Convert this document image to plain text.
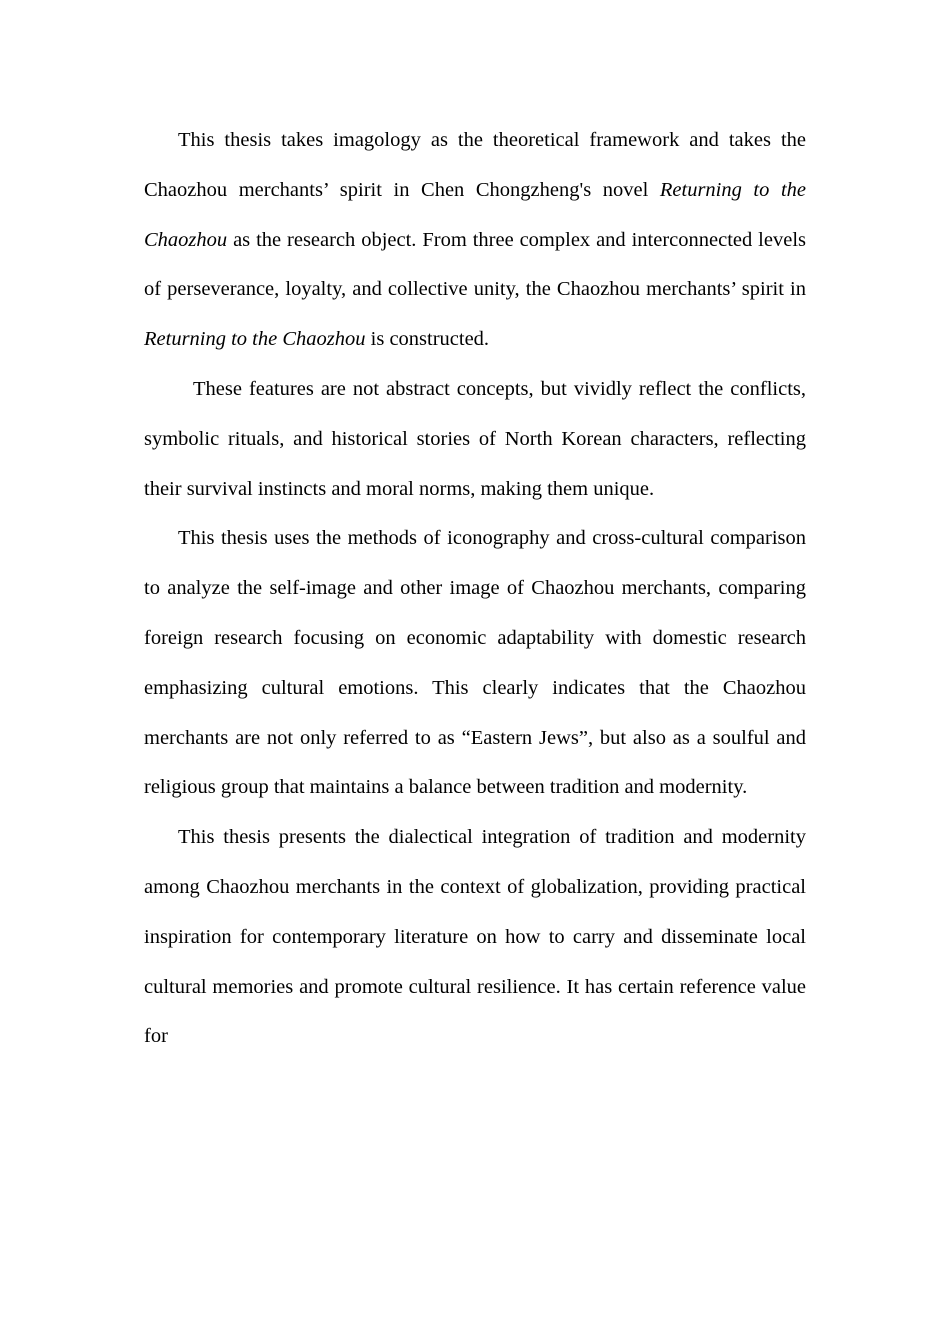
This thesis takes imagology as the theoretical framework and takes the Chaozhou merchants’ spirit in Chen Chongzheng's novel Returning to the Chaozhou as the research object. From three complex and interconnected levels of perseverance, loyalty, and collective unity, the Chaozhou merchants’ spirit in Returning to the Chaozhou is constructed.

These features are not abstract concepts, but vividly reflect the conflicts, symbolic rituals, and historical stories of North Korean characters, reflecting their survival instincts and moral norms, making them unique.

This thesis uses the methods of iconography and cross-cultural comparison to analyze the self-image and other image of Chaozhou merchants, comparing foreign research focusing on economic adaptability with domestic research emphasizing cultural emotions. This clearly indicates that the Chaozhou merchants are not only referred to as “Eastern Jews”, but also as a soulful and religious group that maintains a balance between tradition and modernity.

This thesis presents the dialectical integration of tradition and modernity among Chaozhou merchants in the context of globalization, providing practical inspiration for contemporary literature on how to carry and disseminate local cultural memories and promote cultural resilience. It has certain reference value for
